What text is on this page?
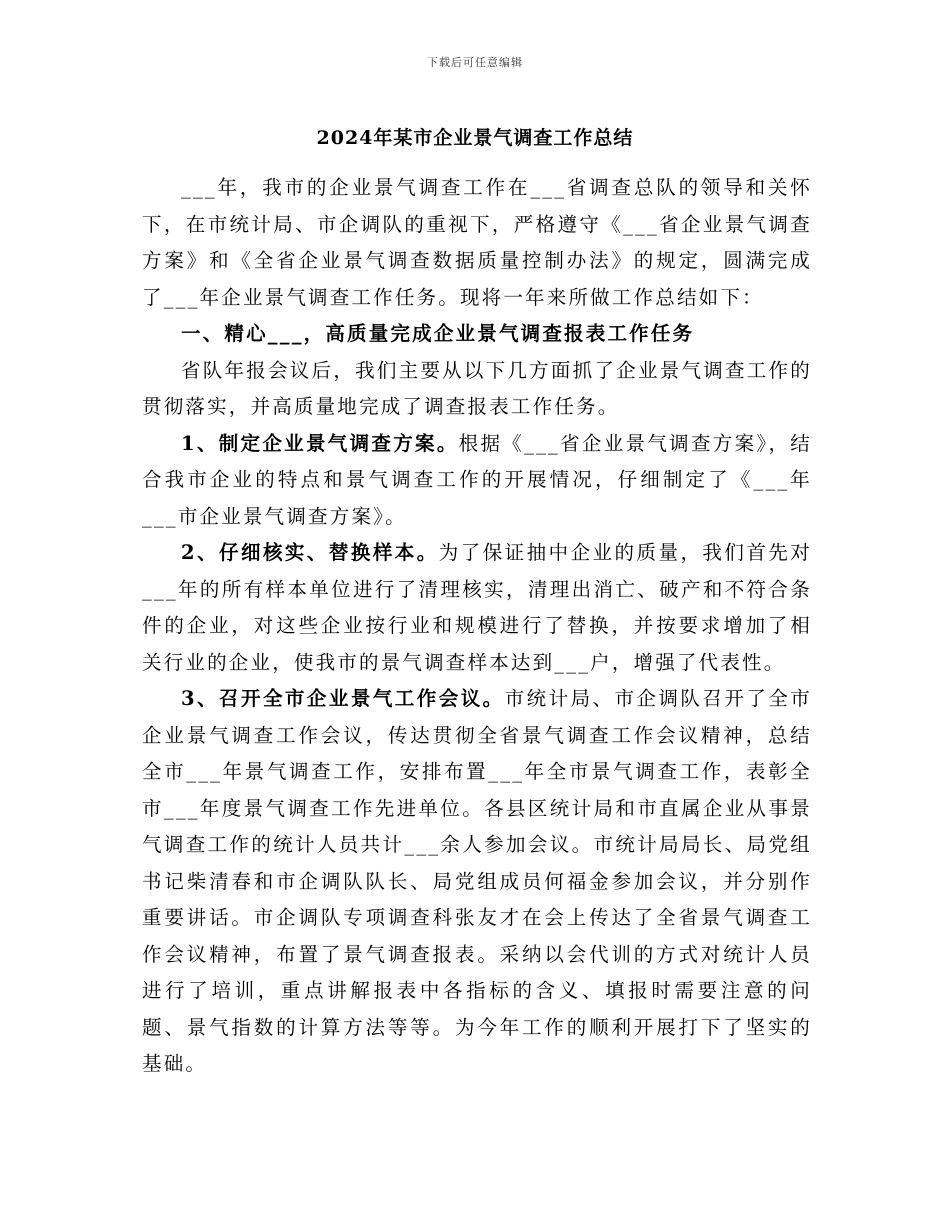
下载后可任意编辑
2024年某市企业景气调查工作总结

___年，我市的企业景气调查工作在___省调查总队的领导和关怀下，在市统计局、市企调队的重视下，严格遵守《___省企业景气调查方案》和《全省企业景气调查数据质量控制办法》的规定，圆满完成了___年企业景气调查工作任务。现将一年来所做工作总结如下：

一、精心___，高质量完成企业景气调查报表工作任务

省队年报会议后，我们主要从以下几方面抓了企业景气调查工作的贯彻落实，并高质量地完成了调查报表工作任务。

1、制定企业景气调查方案。根据《___省企业景气调查方案》，结合我市企业的特点和景气调查工作的开展情况，仔细制定了《___年___市企业景气调查方案》。

2、仔细核实、替换样本。为了保证抽中企业的质量，我们首先对___年的所有样本单位进行了清理核实，清理出消亡、破产和不符合条件的企业，对这些企业按行业和规模进行了替换，并按要求增加了相关行业的企业，使我市的景气调查样本达到___户，增强了代表性。

3、召开全市企业景气工作会议。市统计局、市企调队召开了全市企业景气调查工作会议，传达贯彻全省景气调查工作会议精神，总结全市___年景气调查工作，安排布置___年全市景气调查工作，表彰全市___年度景气调查工作先进单位。各县区统计局和市直属企业从事景气调查工作的统计人员共计___余人参加会议。市统计局局长、局党组书记柴清春和市企调队队长、局党组成员何福金参加会议，并分别作重要讲话。市企调队专项调查科张友才在会上传达了全省景气调查工作会议精神，布置了景气调查报表。采纳以会代训的方式对统计人员进行了培训，重点讲解报表中各指标的含义、填报时需要注意的问题、景气指数的计算方法等等。为今年工作的顺利开展打下了坚实的基础。
